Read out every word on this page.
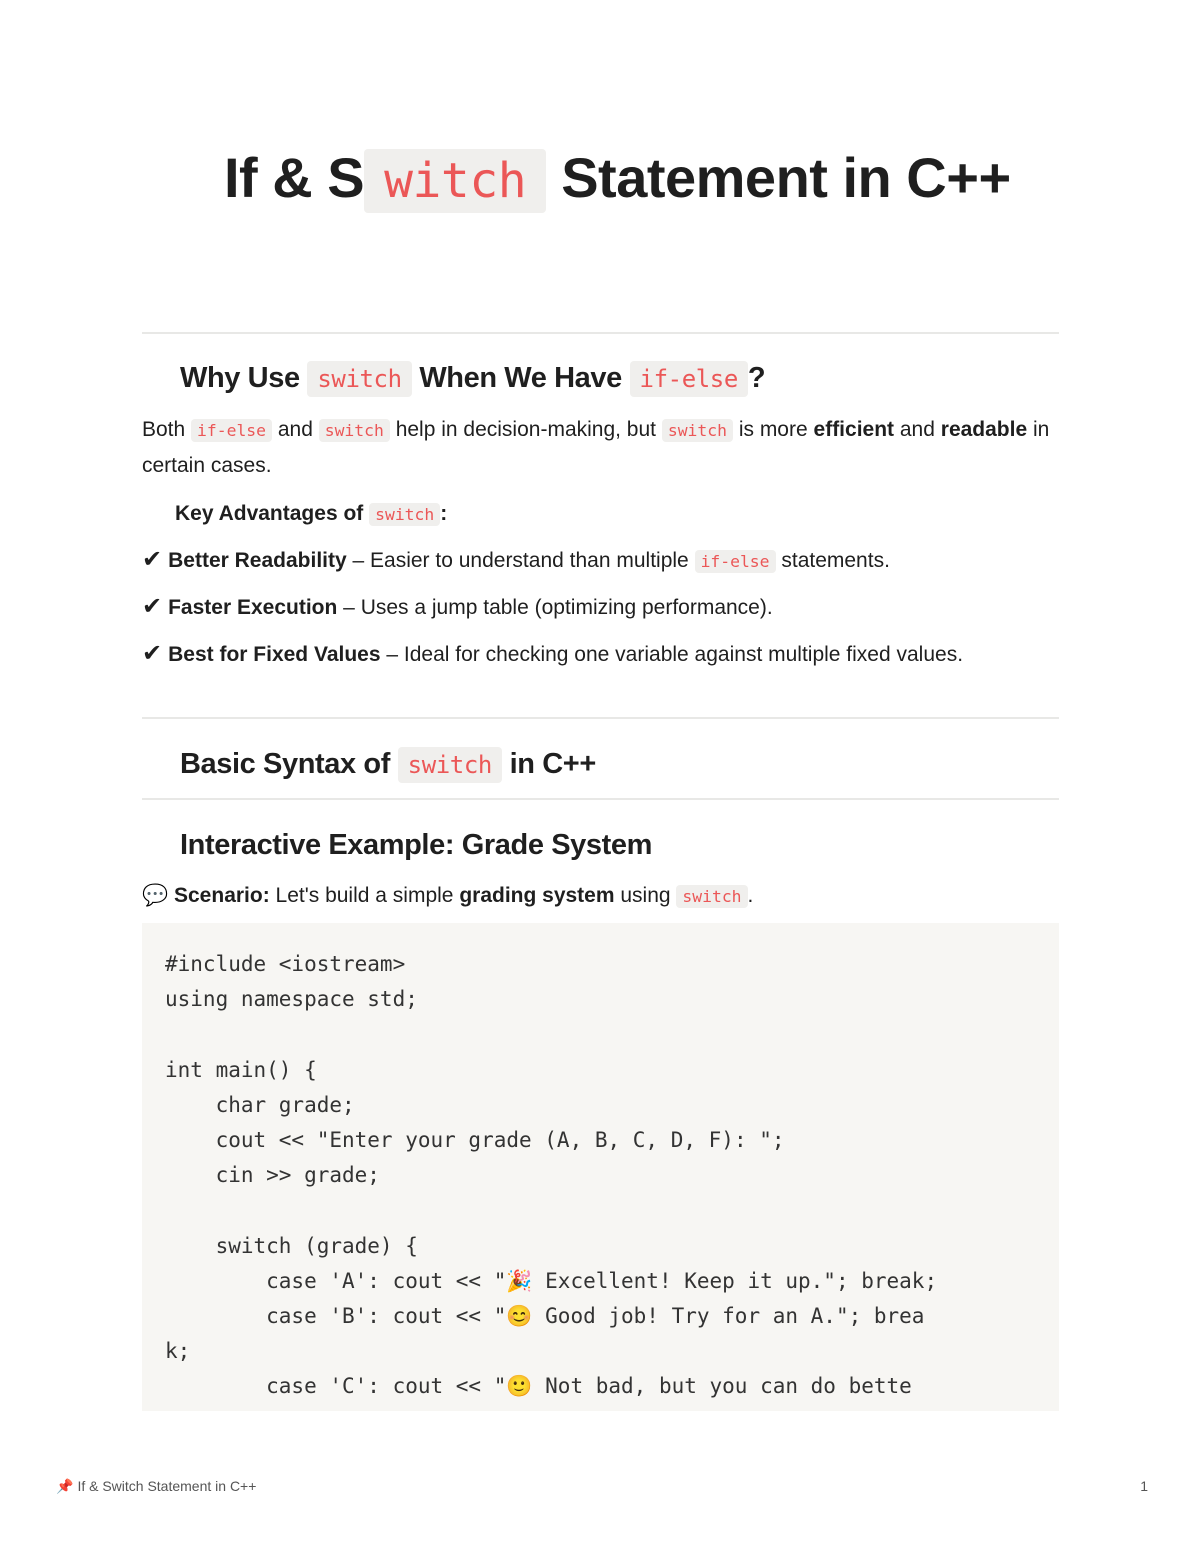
If & S witch Statement in C++
Why Use switch When We Have if-else ?

Both if-else and switch help in decision-making, but switch is more efficient and readable in certain cases.

Key Advantages of switch :

✔ Better Readability – Easier to understand than multiple if-else statements.

✔ Faster Execution – Uses a jump table (optimizing performance).

✔ Best for Fixed Values – Ideal for checking one variable against multiple fixed values.

Basic Syntax of switch in C++
Interactive Example: Grade System

💬 Scenario: Let's build a simple grading system using switch .

#include <iostream>
using namespace std;

int main() {
char grade;
cout << "Enter your grade (A, B, C, D, F): ";
cin >> grade;

switch (grade) {
case 'A': cout << "🎉 Excellent! Keep it up."; break;
case 'B': cout << "😊 Good job! Try for an A."; brea
k;
case 'C': cout << "🙂 Not bad, but you can do bette
📌 If & Switch Statement in C++	1
